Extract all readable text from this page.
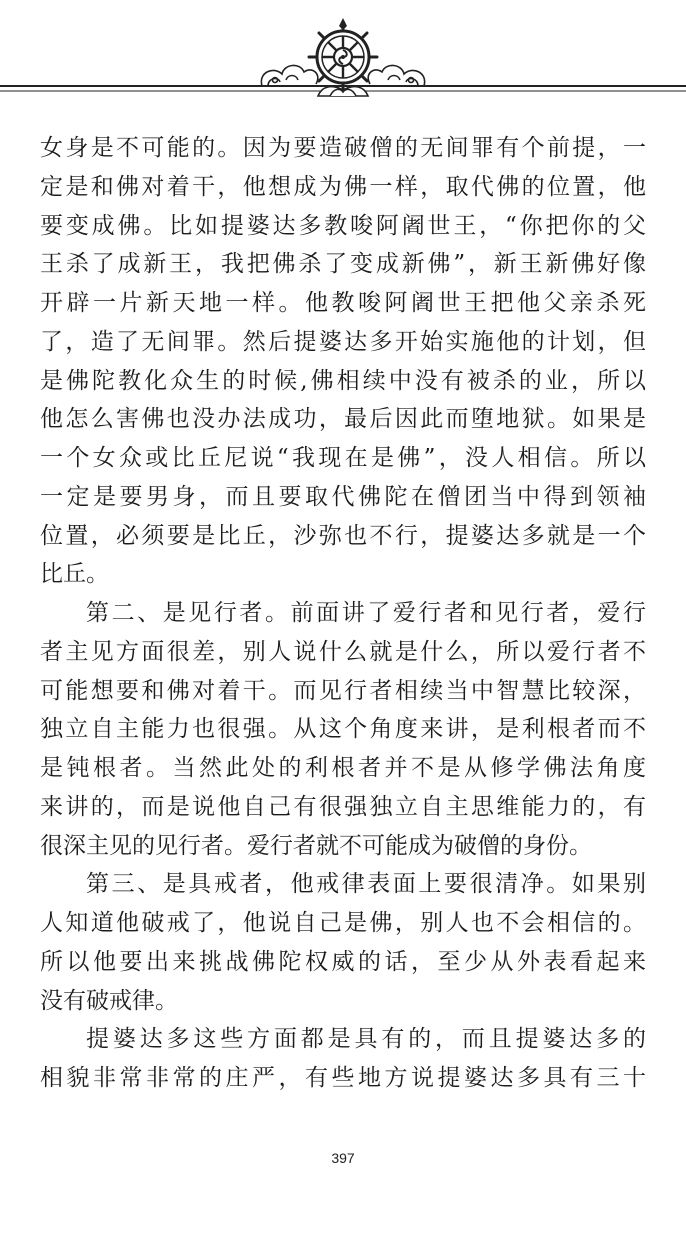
女身是不可能的。因为要造破僧的无间罪有个前提，一
定是和佛对着干，他想成为佛一样，取代佛的位置，他
要变成佛。比如提婆达多教唆阿阇世王，“你把你的父
王杀了成新王，我把佛杀了变成新佛”，新王新佛好像
开辟一片新天地一样。他教唆阿阇世王把他父亲杀死
了，造了无间罪。然后提婆达多开始实施他的计划，但
是佛陀教化众生的时候,佛相续中没有被杀的业，所以
他怎么害佛也没办法成功，最后因此而堕地狱。如果是
一个女众或比丘尼说“我现在是佛”，没人相信。所以
一定是要男身，而且要取代佛陀在僧团当中得到领袖
位置，必须要是比丘，沙弥也不行，提婆达多就是一个
比丘。
第二、是见行者。前面讲了爱行者和见行者，爱行
者主见方面很差，别人说什么就是什么，所以爱行者不
可能想要和佛对着干。而见行者相续当中智慧比较深，
独立自主能力也很强。从这个角度来讲，是利根者而不
是钝根者。当然此处的利根者并不是从修学佛法角度
来讲的，而是说他自己有很强独立自主思维能力的，有
很深主见的见行者。爱行者就不可能成为破僧的身份。
第三、是具戒者，他戒律表面上要很清净。如果别
人知道他破戒了，他说自己是佛，别人也不会相信的。
所以他要出来挑战佛陀权威的话，至少从外表看起来
没有破戒律。
提婆达多这些方面都是具有的，而且提婆达多的
相貌非常非常的庄严，有些地方说提婆达多具有三十
397
